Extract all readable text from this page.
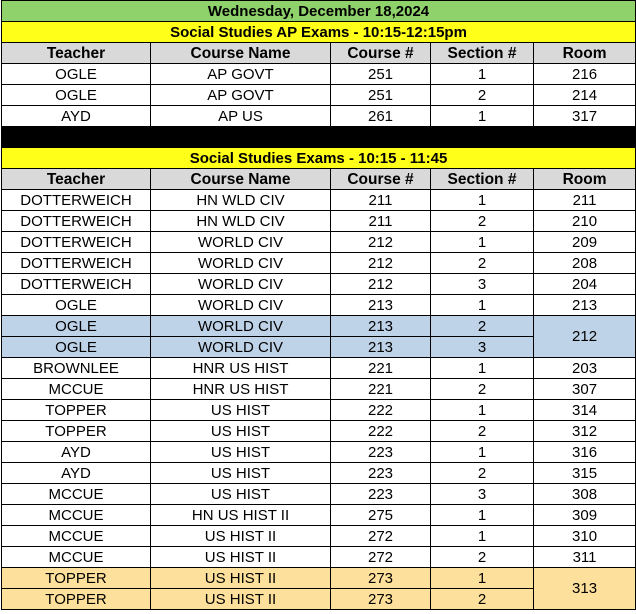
Wednesday, December 18,2024				
Social Studies AP Exams - 10:15-12:15pm				
Teacher	Course Name	Course #	Section #	Room
OGLE	AP GOVT	251	1	216
OGLE	AP GOVT	251	2	214
AYD	AP US	261	1	317

Social Studies Exams - 10:15 - 11:45				
Teacher	Course Name	Course #	Section #	Room
DOTTERWEICH	HN WLD CIV	211	1	211
DOTTERWEICH	HN WLD CIV	211	2	210
DOTTERWEICH	WORLD CIV	212	1	209
DOTTERWEICH	WORLD CIV	212	2	208
DOTTERWEICH	WORLD CIV	212	3	204
OGLE	WORLD CIV	213	1	213
OGLE	WORLD CIV	213	2	212
OGLE	WORLD CIV	213	3	
BROWNLEE	HNR US HIST	221	1	203
MCCUE	HNR US HIST	221	2	307
TOPPER	US HIST	222	1	314
TOPPER	US HIST	222	2	312
AYD	US HIST	223	1	316
AYD	US HIST	223	2	315
MCCUE	US HIST	223	3	308
MCCUE	HN US HIST II	275	1	309
MCCUE	US HIST II	272	1	310
MCCUE	US HIST II	272	2	311
TOPPER	US HIST II	273	1	313
TOPPER	US HIST II	273	2	
